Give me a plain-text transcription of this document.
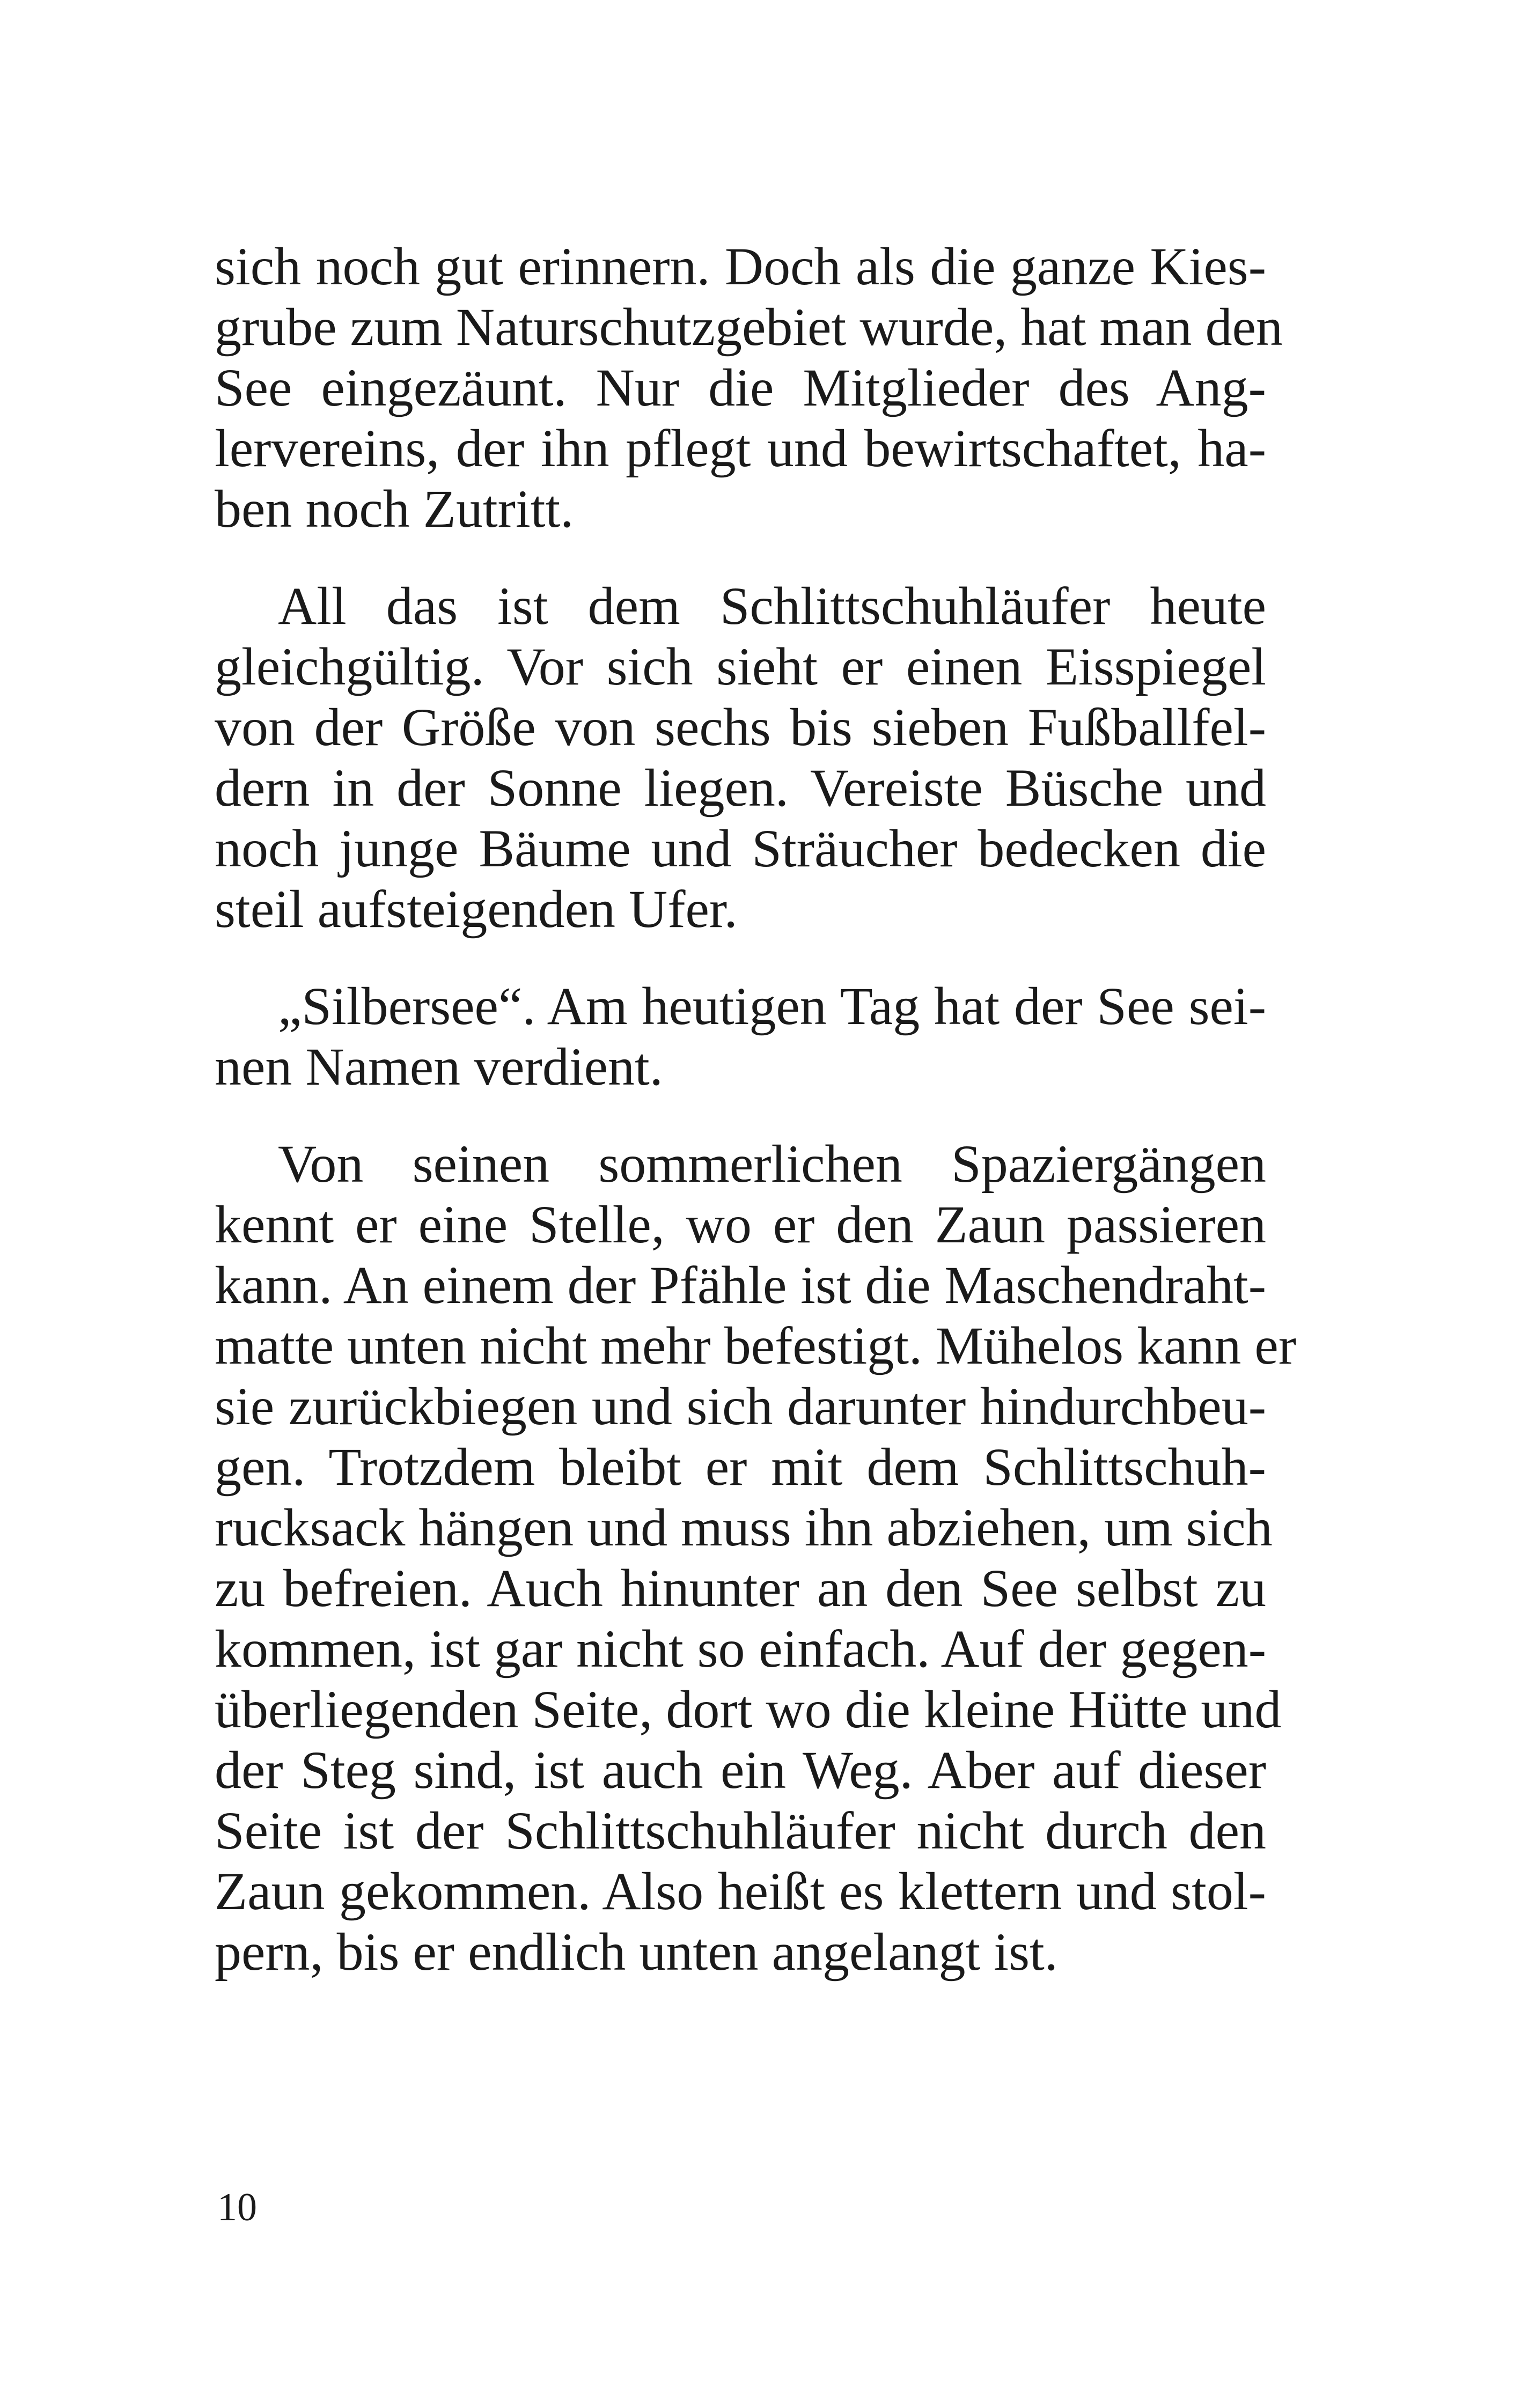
sich noch gut erinnern. Doch als die ganze Kies-
grube zum Naturschutzgebiet wurde, hat man den
See eingezäunt. Nur die Mitglieder des Ang-
lervereins, der ihn pflegt und bewirtschaftet, ha-
ben noch Zutritt.

All das ist dem Schlittschuhläufer heute
gleichgültig. Vor sich sieht er einen Eisspiegel
von der Größe von sechs bis sieben Fußballfel-
dern in der Sonne liegen. Vereiste Büsche und
noch junge Bäume und Sträucher bedecken die
steil aufsteigenden Ufer.

„Silbersee“. Am heutigen Tag hat der See sei-
nen Namen verdient.

Von seinen sommerlichen Spaziergängen
kennt er eine Stelle, wo er den Zaun passieren
kann. An einem der Pfähle ist die Maschendraht-
matte unten nicht mehr befestigt. Mühelos kann er
sie zurückbiegen und sich darunter hindurchbeu-
gen. Trotzdem bleibt er mit dem Schlittschuh-
rucksack hängen und muss ihn abziehen, um sich
zu befreien. Auch hinunter an den See selbst zu
kommen, ist gar nicht so einfach. Auf der gegen-
überliegenden Seite, dort wo die kleine Hütte und
der Steg sind, ist auch ein Weg. Aber auf dieser
Seite ist der Schlittschuhläufer nicht durch den
Zaun gekommen. Also heißt es klettern und stol-
pern, bis er endlich unten angelangt ist.

10
